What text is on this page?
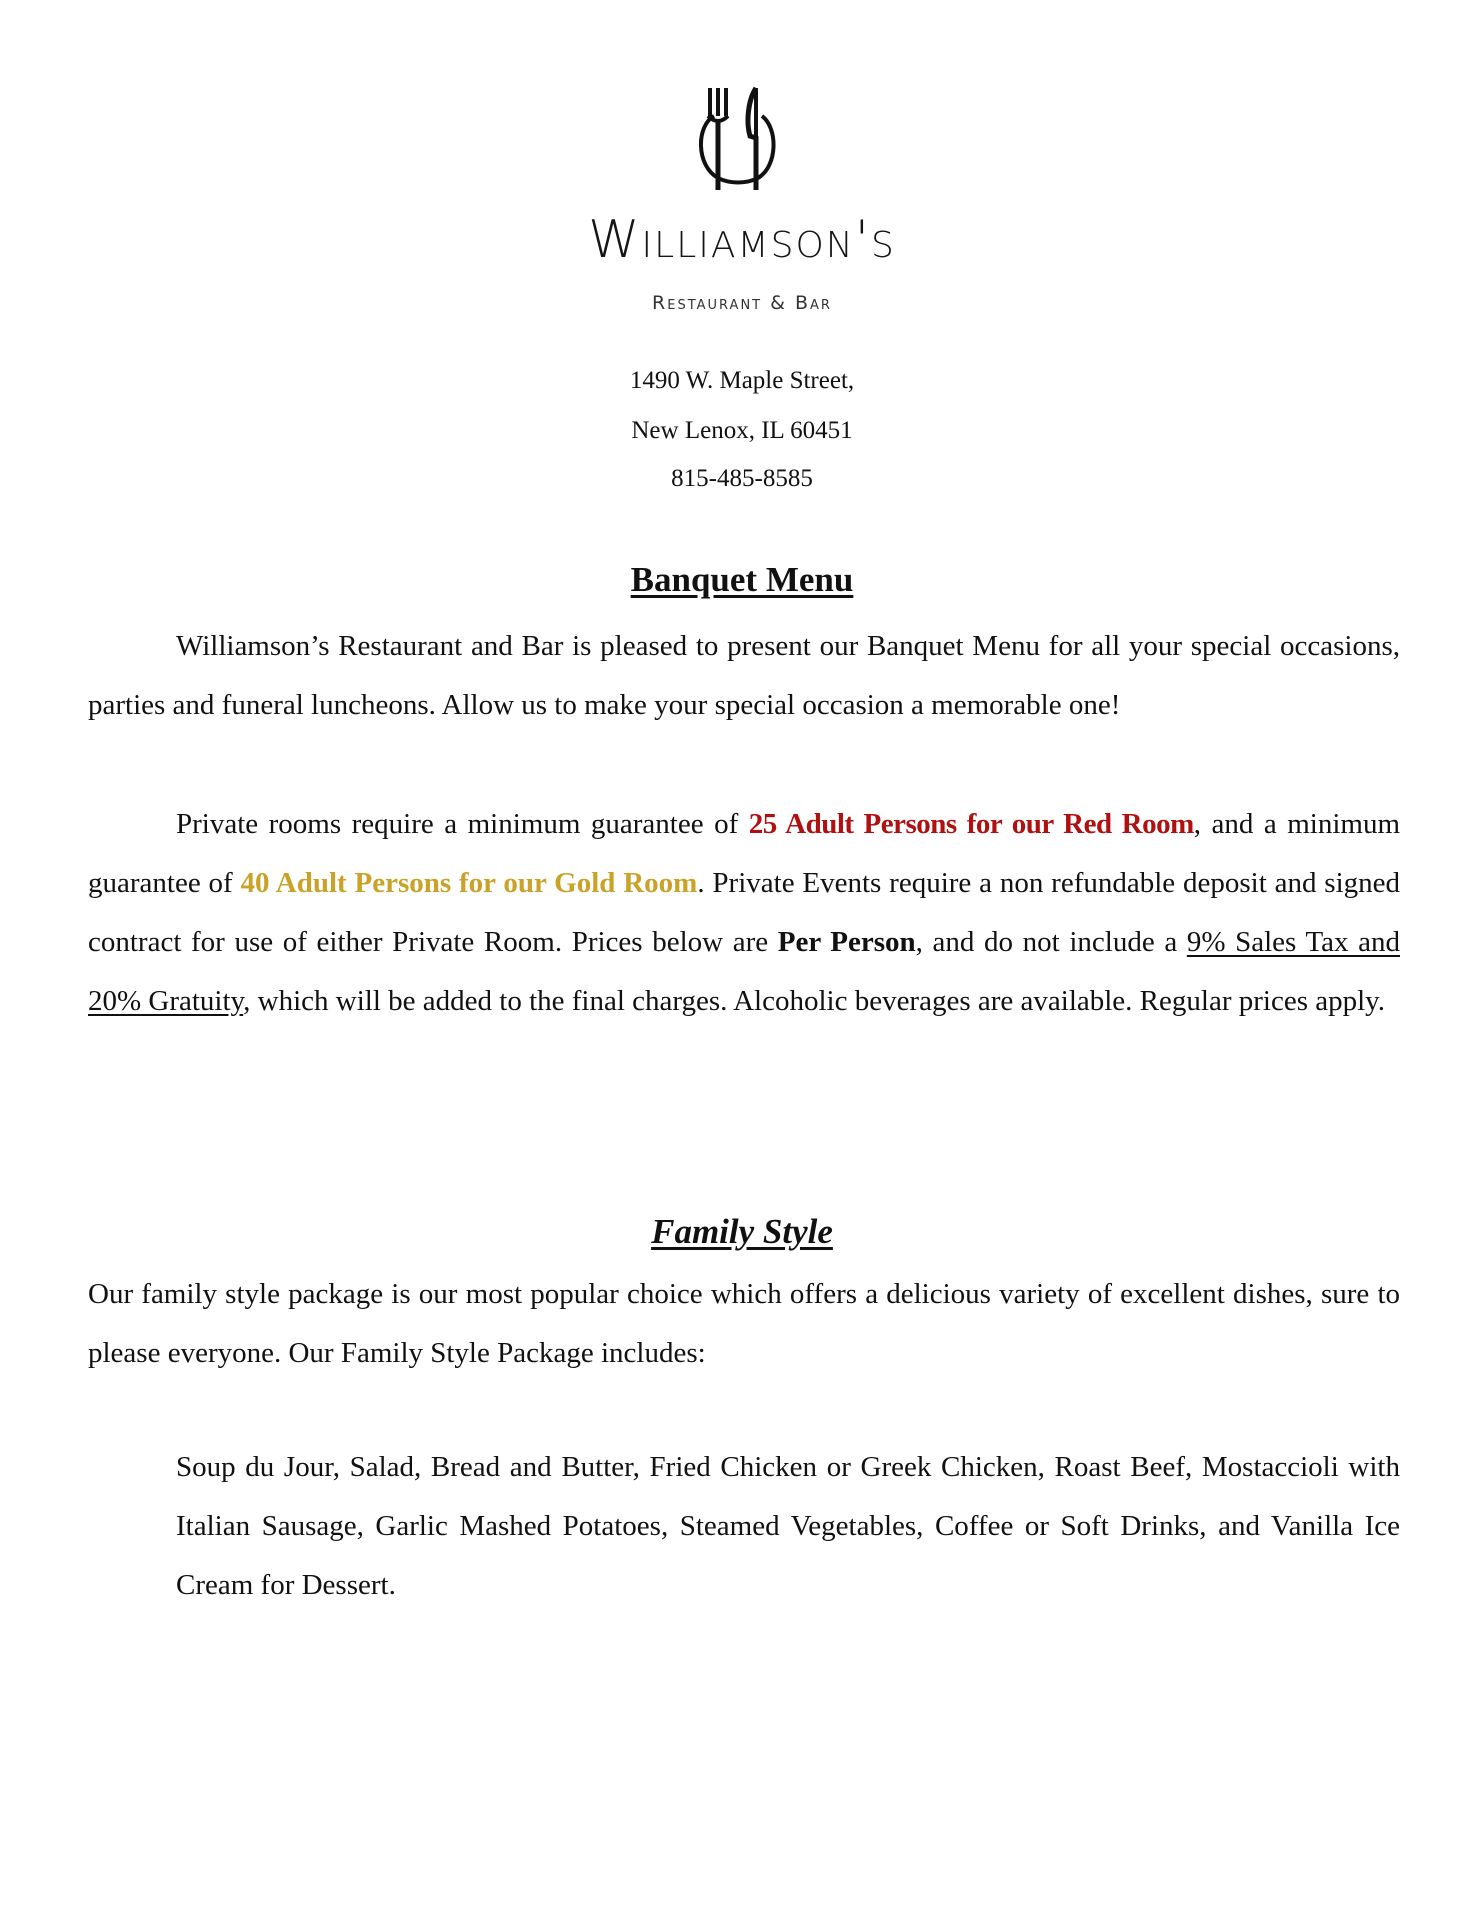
Williamson's
Restaurant & Bar
1490 W. Maple Street,
New Lenox, IL 60451
815-485-8585
Banquet Menu

Williamson’s Restaurant and Bar is pleased to present our Banquet Menu for all your special occasions, parties and funeral luncheons. Allow us to make your special occasion a memorable one!

Private rooms require a minimum guarantee of 25 Adult Persons for our Red Room, and a minimum guarantee of 40 Adult Persons for our Gold Room. Private Events require a non refundable deposit and signed contract for use of either Private Room. Prices below are Per Person, and do not include a 9% Sales Tax and 20% Gratuity, which will be added to the final charges. Alcoholic beverages are available. Regular prices apply.

Family Style

Our family style package is our most popular choice which offers a delicious variety of excellent dishes, sure to please everyone. Our Family Style Package includes:

Soup du Jour, Salad, Bread and Butter, Fried Chicken or Greek Chicken, Roast Beef, Mostaccioli with Italian Sausage, Garlic Mashed Potatoes, Steamed Vegetables, Coffee or Soft Drinks, and Vanilla Ice Cream for Dessert.
